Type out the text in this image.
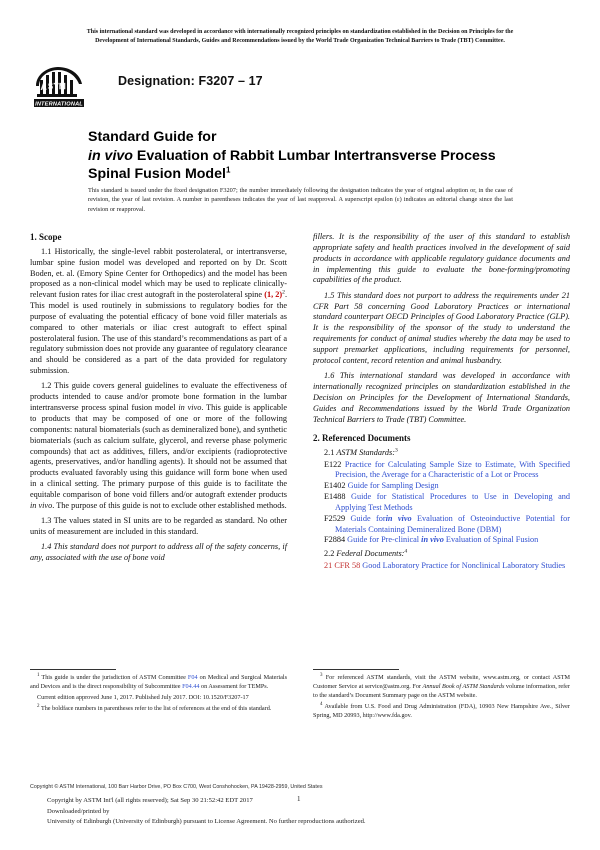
This international standard was developed in accordance with internationally recognized principles on standardization established in the Decision on Principles for the
Development of International Standards, Guides and Recommendations issued by the World Trade Organization Technical Barriers to Trade (TBT) Committee.
INTERNATIONAL
Designation: F3207 – 17
Standard Guide for
in vivo Evaluation of Rabbit Lumbar Intertransverse Process
Spinal Fusion Model$^1$
This standard is issued under the fixed designation F3207; the number immediately following the designation indicates the year of original adoption or, in the case of revision, the year of last revision. A number in parentheses indicates the year of last reapproval. A superscript epsilon (ε) indicates an editorial change since the last revision or reapproval.
1. Scope

1.1 Historically, the single-level rabbit posterolateral, or intertransverse, lumbar spine fusion model was developed and reported on by Dr. Scott Boden, et. al. (Emory Spine Center for Orthopedics) and the model has been proposed as a non-clinical model which may be used to replicate clinically-relevant fusion rates for iliac crest autograft in the posterolateral spine (1, 2)$^2$. This model is used routinely in submissions to regulatory bodies for the purpose of evaluating the potential efficacy of bone void filler materials as compared to other materials or iliac crest autograft to effect spinal posterolateral fusion. The use of this standard’s recommendations as part of a regulatory submission does not provide any guarantee of regulatory clearance and should be considered as a part of the data provided for regulatory submission.

1.2 This guide covers general guidelines to evaluate the effectiveness of products intended to cause and/or promote bone formation in the lumbar intertransverse process spinal fusion model in vivo. This guide is applicable to products that may be composed of one or more of the following components: natural biomaterials (such as demineralized bone), and synthetic biomaterials (such as calcium sulfate, glycerol, and reverse phase polymeric compounds) that act as additives, fillers, and/or excipients (radioprotective agents, preservatives, and/or handling agents). It should not be assumed that products evaluated favorably using this guidance will form bone when used in a clinical setting. The primary purpose of this guide is to facilitate the equitable comparison of bone void fillers and/or autograft extender products in vivo. The purpose of this guide is not to exclude other established methods.

1.3 The values stated in SI units are to be regarded as standard. No other units of measurement are included in this standard.

1.4 This standard does not purport to address all of the safety concerns, if any, associated with the use of bone void

fillers. It is the responsibility of the user of this standard to establish appropriate safety and health practices involved in the development of said products in accordance with applicable regulatory guidance documents and in implementing this guide to evaluate the bone-forming/promoting capabilities of the product.

1.5 This standard does not purport to address the requirements under 21 CFR Part 58 concerning Good Laboratory Practices or international standard counterpart OECD Principles of Good Laboratory Practice (GLP). It is the responsibility of the sponsor of the study to understand the requirements for conduct of animal studies whereby the data may be used to support premarket applications, including requirements for personnel, protocol content, record retention and animal husbandry.

1.6 This international standard was developed in accordance with internationally recognized principles on standardization established in the Decision on Principles for the Development of International Standards, Guides and Recommendations issued by the World Trade Organization Technical Barriers to Trade (TBT) Committee.

2. Referenced Documents
2.1 ASTM Standards:$^3$
E122 Practice for Calculating Sample Size to Estimate, With Specified Precision, the Average for a Characteristic of a Lot or Process
E1402 Guide for Sampling Design
E1488 Guide for Statistical Procedures to Use in Developing and Applying Test Methods
F2529 Guide forin vivo Evaluation of Osteoinductive Potential for Materials Containing Demineralized Bone (DBM)
F2884 Guide for Pre-clinical in vivo Evaluation of Spinal Fusion
2.2 Federal Documents:$^4$
21 CFR 58 Good Laboratory Practice for Nonclinical Laboratory Studies

$^1$ This guide is under the jurisdiction of ASTM Committee F04 on Medical and Surgical Materials and Devices and is the direct responsibility of Subcommittee F04.44 on Assessment for TEMPs.

Current edition approved June 1, 2017. Published July 2017. DOI: 10.1520/F3207-17

$^2$ The boldface numbers in parentheses refer to the list of references at the end of this standard.

$^3$ For referenced ASTM standards, visit the ASTM website, www.astm.org, or contact ASTM Customer Service at service@astm.org. For Annual Book of ASTM Standards volume information, refer to the standard’s Document Summary page on the ASTM website.

$^4$ Available from U.S. Food and Drug Administration (FDA), 10903 New Hampshire Ave., Silver Spring, MD 20993, http://www.fda.gov.

Copyright © ASTM International, 100 Barr Harbor Drive, PO Box C700, West Conshohocken, PA 19428-2959, United States
Copyright by ASTM Int'l (all rights reserved); Sat Sep 30 21:52:42 EDT 2017
Downloaded/printed by
University of Edinburgh (University of Edinburgh) pursuant to License Agreement. No further reproductions authorized.
1
